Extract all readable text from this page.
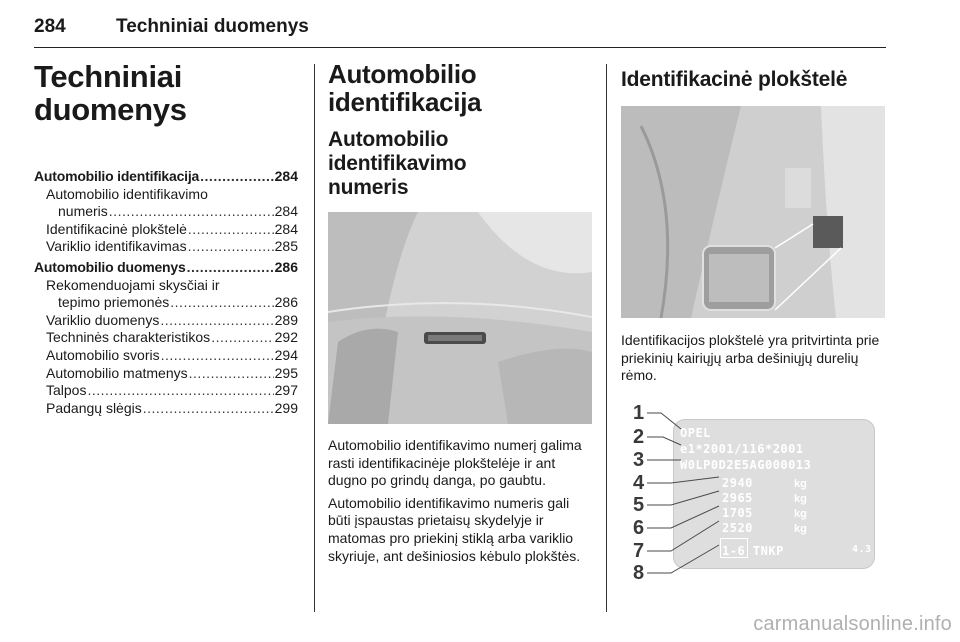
284	Techniniai duomenys
Techniniai
duomenys
Automobilio identifikacija .....	284
Automobilio identifikavimo
numeris .....	284
Identifikacinė plokštelė .....	284
Variklio identifikavimas .....	285
Automobilio duomenys .....	286
Rekomenduojami skysčiai ir
tepimo priemonės .....	286
Variklio duomenys .....	289
Techninės charakteristikos .....	292
Automobilio svoris .....	294
Automobilio matmenys .....	295
Talpos .....	297
Padangų slėgis .....	299
Automobilio
identifikacija
Automobilio identifikavimo
numeris

Automobilio identifikavimo numerį galima rasti identifikacinėje plokštelėje ir ant dugno po grindų danga, po gaubtu.

Automobilio identifikavimo numeris gali būti įspaustas prietaisų skydelyje ir matomas pro priekinį stiklą arba variklio skyriuje, ant dešiniosios kėbulo plokštės.

Identifikacinė plokštelė

Identifikacijos plokštelė yra pritvirtinta prie priekinių kairiųjų arba dešiniųjų durelių rėmo.

1
2
3
4
5
6
7
8
OPEL
e1*2001/116*2001
W0LP0D2E5AG000013
2940	kg
2965	kg
1705	kg
2520	kg
1-6 TNKP	4.3
carmanualsonline.info
